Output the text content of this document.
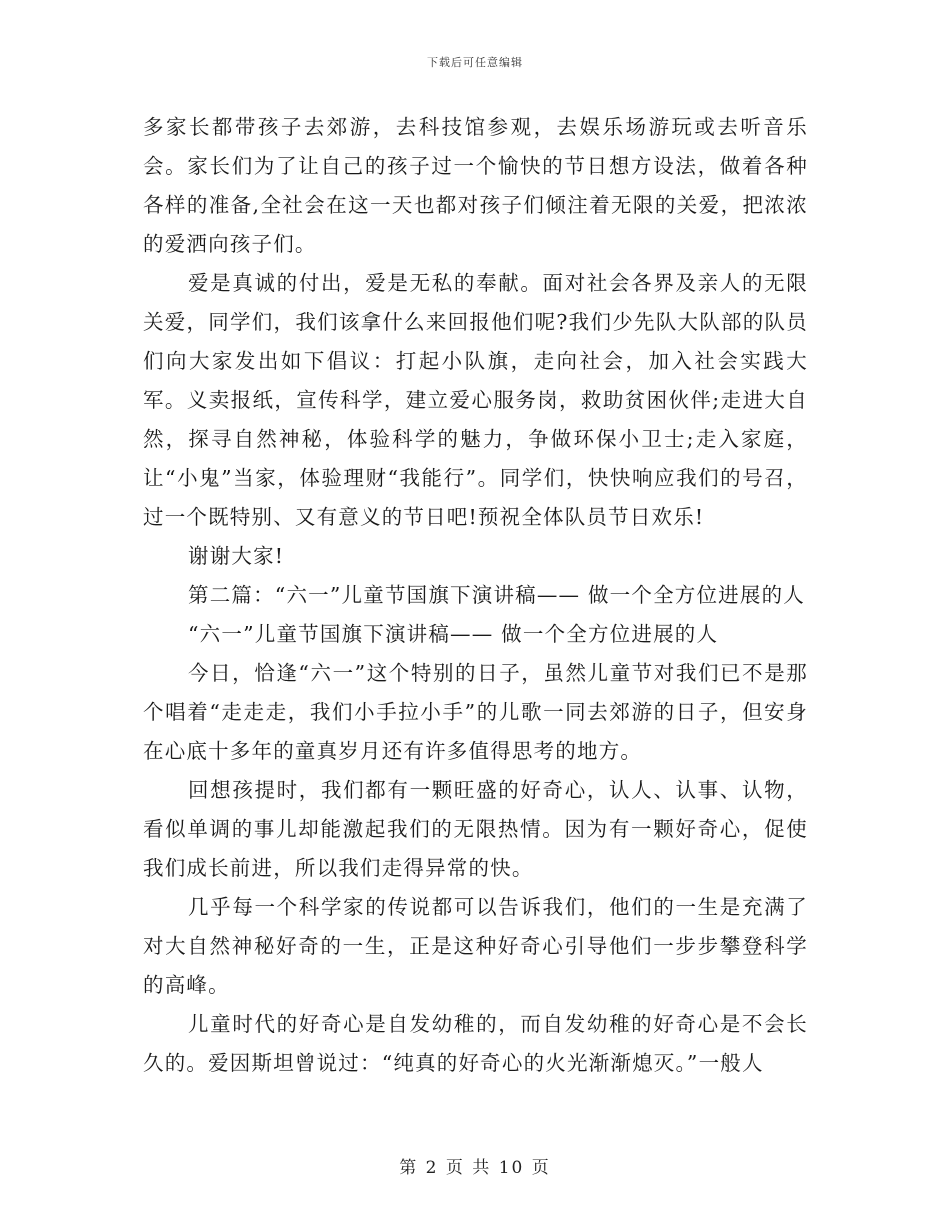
下载后可任意编辑

多家长都带孩子去郊游，去科技馆参观，去娱乐场游玩或去听音乐会。家长们为了让自己的孩子过一个愉快的节日想方设法，做着各种各样的准备,全社会在这一天也都对孩子们倾注着无限的关爱，把浓浓的爱洒向孩子们。

爱是真诚的付出，爱是无私的奉献。面对社会各界及亲人的无限关爱，同学们，我们该拿什么来回报他们呢?我们少先队大队部的队员们向大家发出如下倡议：打起小队旗，走向社会，加入社会实践大军。义卖报纸，宣传科学，建立爱心服务岗，救助贫困伙伴;走进大自然，探寻自然神秘，体验科学的魅力，争做环保小卫士;走入家庭，让“小鬼”当家，体验理财“我能行”。同学们，快快响应我们的号召，过一个既特别、又有意义的节日吧!预祝全体队员节日欢乐!

谢谢大家!

第二篇：“六一”儿童节国旗下演讲稿—— 做一个全方位进展的人

“六一”儿童节国旗下演讲稿—— 做一个全方位进展的人

今日，恰逢“六一”这个特别的日子，虽然儿童节对我们已不是那个唱着“走走走，我们小手拉小手”的儿歌一同去郊游的日子，但安身在心底十多年的童真岁月还有许多值得思考的地方。

回想孩提时，我们都有一颗旺盛的好奇心，认人、认事、认物，看似单调的事儿却能激起我们的无限热情。因为有一颗好奇心，促使我们成长前进，所以我们走得异常的快。

几乎每一个科学家的传说都可以告诉我们，他们的一生是充满了对大自然神秘好奇的一生，正是这种好奇心引导他们一步步攀登科学的高峰。

儿童时代的好奇心是自发幼稚的，而自发幼稚的好奇心是不会长久的。爱因斯坦曾说过：“纯真的好奇心的火光渐渐熄灭。”一般人

第 2 页 共 10 页
